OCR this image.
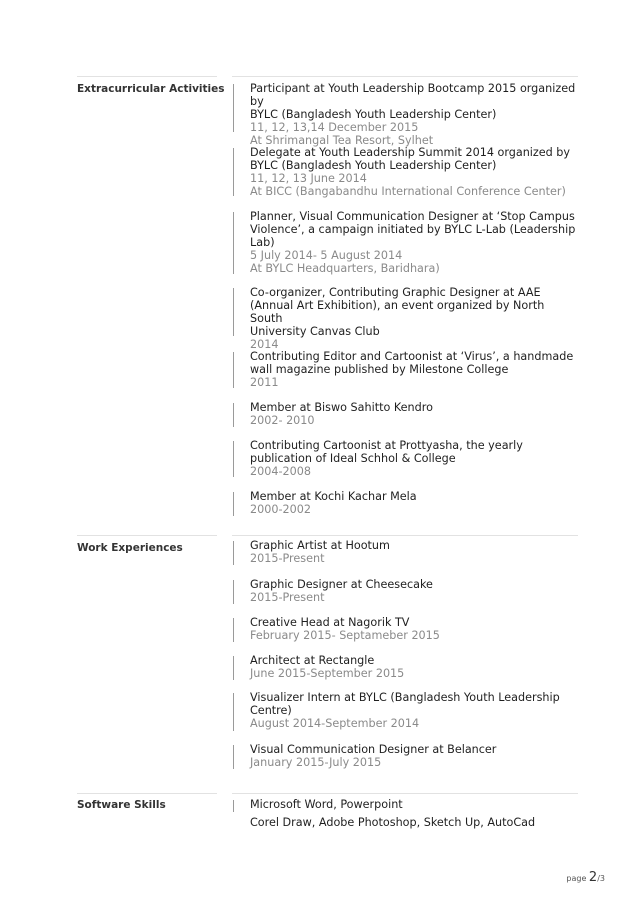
Extracurricular Activities
Work Experiences
Software Skills
Participant at Youth Leadership Bootcamp 2015 organized by
BYLC (Bangladesh Youth Leadership Center)
11, 12, 13,14 December 2015
At Shrimangal Tea Resort, Sylhet
Delegate at Youth Leadership Summit 2014 organized by
BYLC (Bangladesh Youth Leadership Center)
11, 12, 13 June 2014
At BICC (Bangabandhu International Conference Center)
Planner, Visual Communication Designer at ‘Stop Campus
Violence’, a campaign initiated by BYLC L-Lab (Leadership
Lab)
5 July 2014- 5 August 2014
At BYLC Headquarters, Baridhara)
Co-organizer, Contributing Graphic Designer at AAE
(Annual Art Exhibition), an event organized by North South
University Canvas Club
2014
Contributing Editor and Cartoonist at ‘Virus’, a handmade
wall magazine published by Milestone College
2011
Member at Biswo Sahitto Kendro
2002- 2010
Contributing Cartoonist at Prottyasha, the yearly
publication of Ideal Schhol & College
2004-2008
Member at Kochi Kachar Mela
2000-2002
Graphic Artist at Hootum
2015-Present
Graphic Designer at Cheesecake
2015-Present
Creative Head at Nagorik TV
February 2015- Septameber 2015
Architect at Rectangle
June 2015-September 2015
Visualizer Intern at BYLC (Bangladesh Youth Leadership
Centre)
August 2014-September 2014
Visual Communication Designer at Belancer
January 2015-July 2015
Microsoft Word, Powerpoint
Corel Draw, Adobe Photoshop, Sketch Up, AutoCad
page 2/3
